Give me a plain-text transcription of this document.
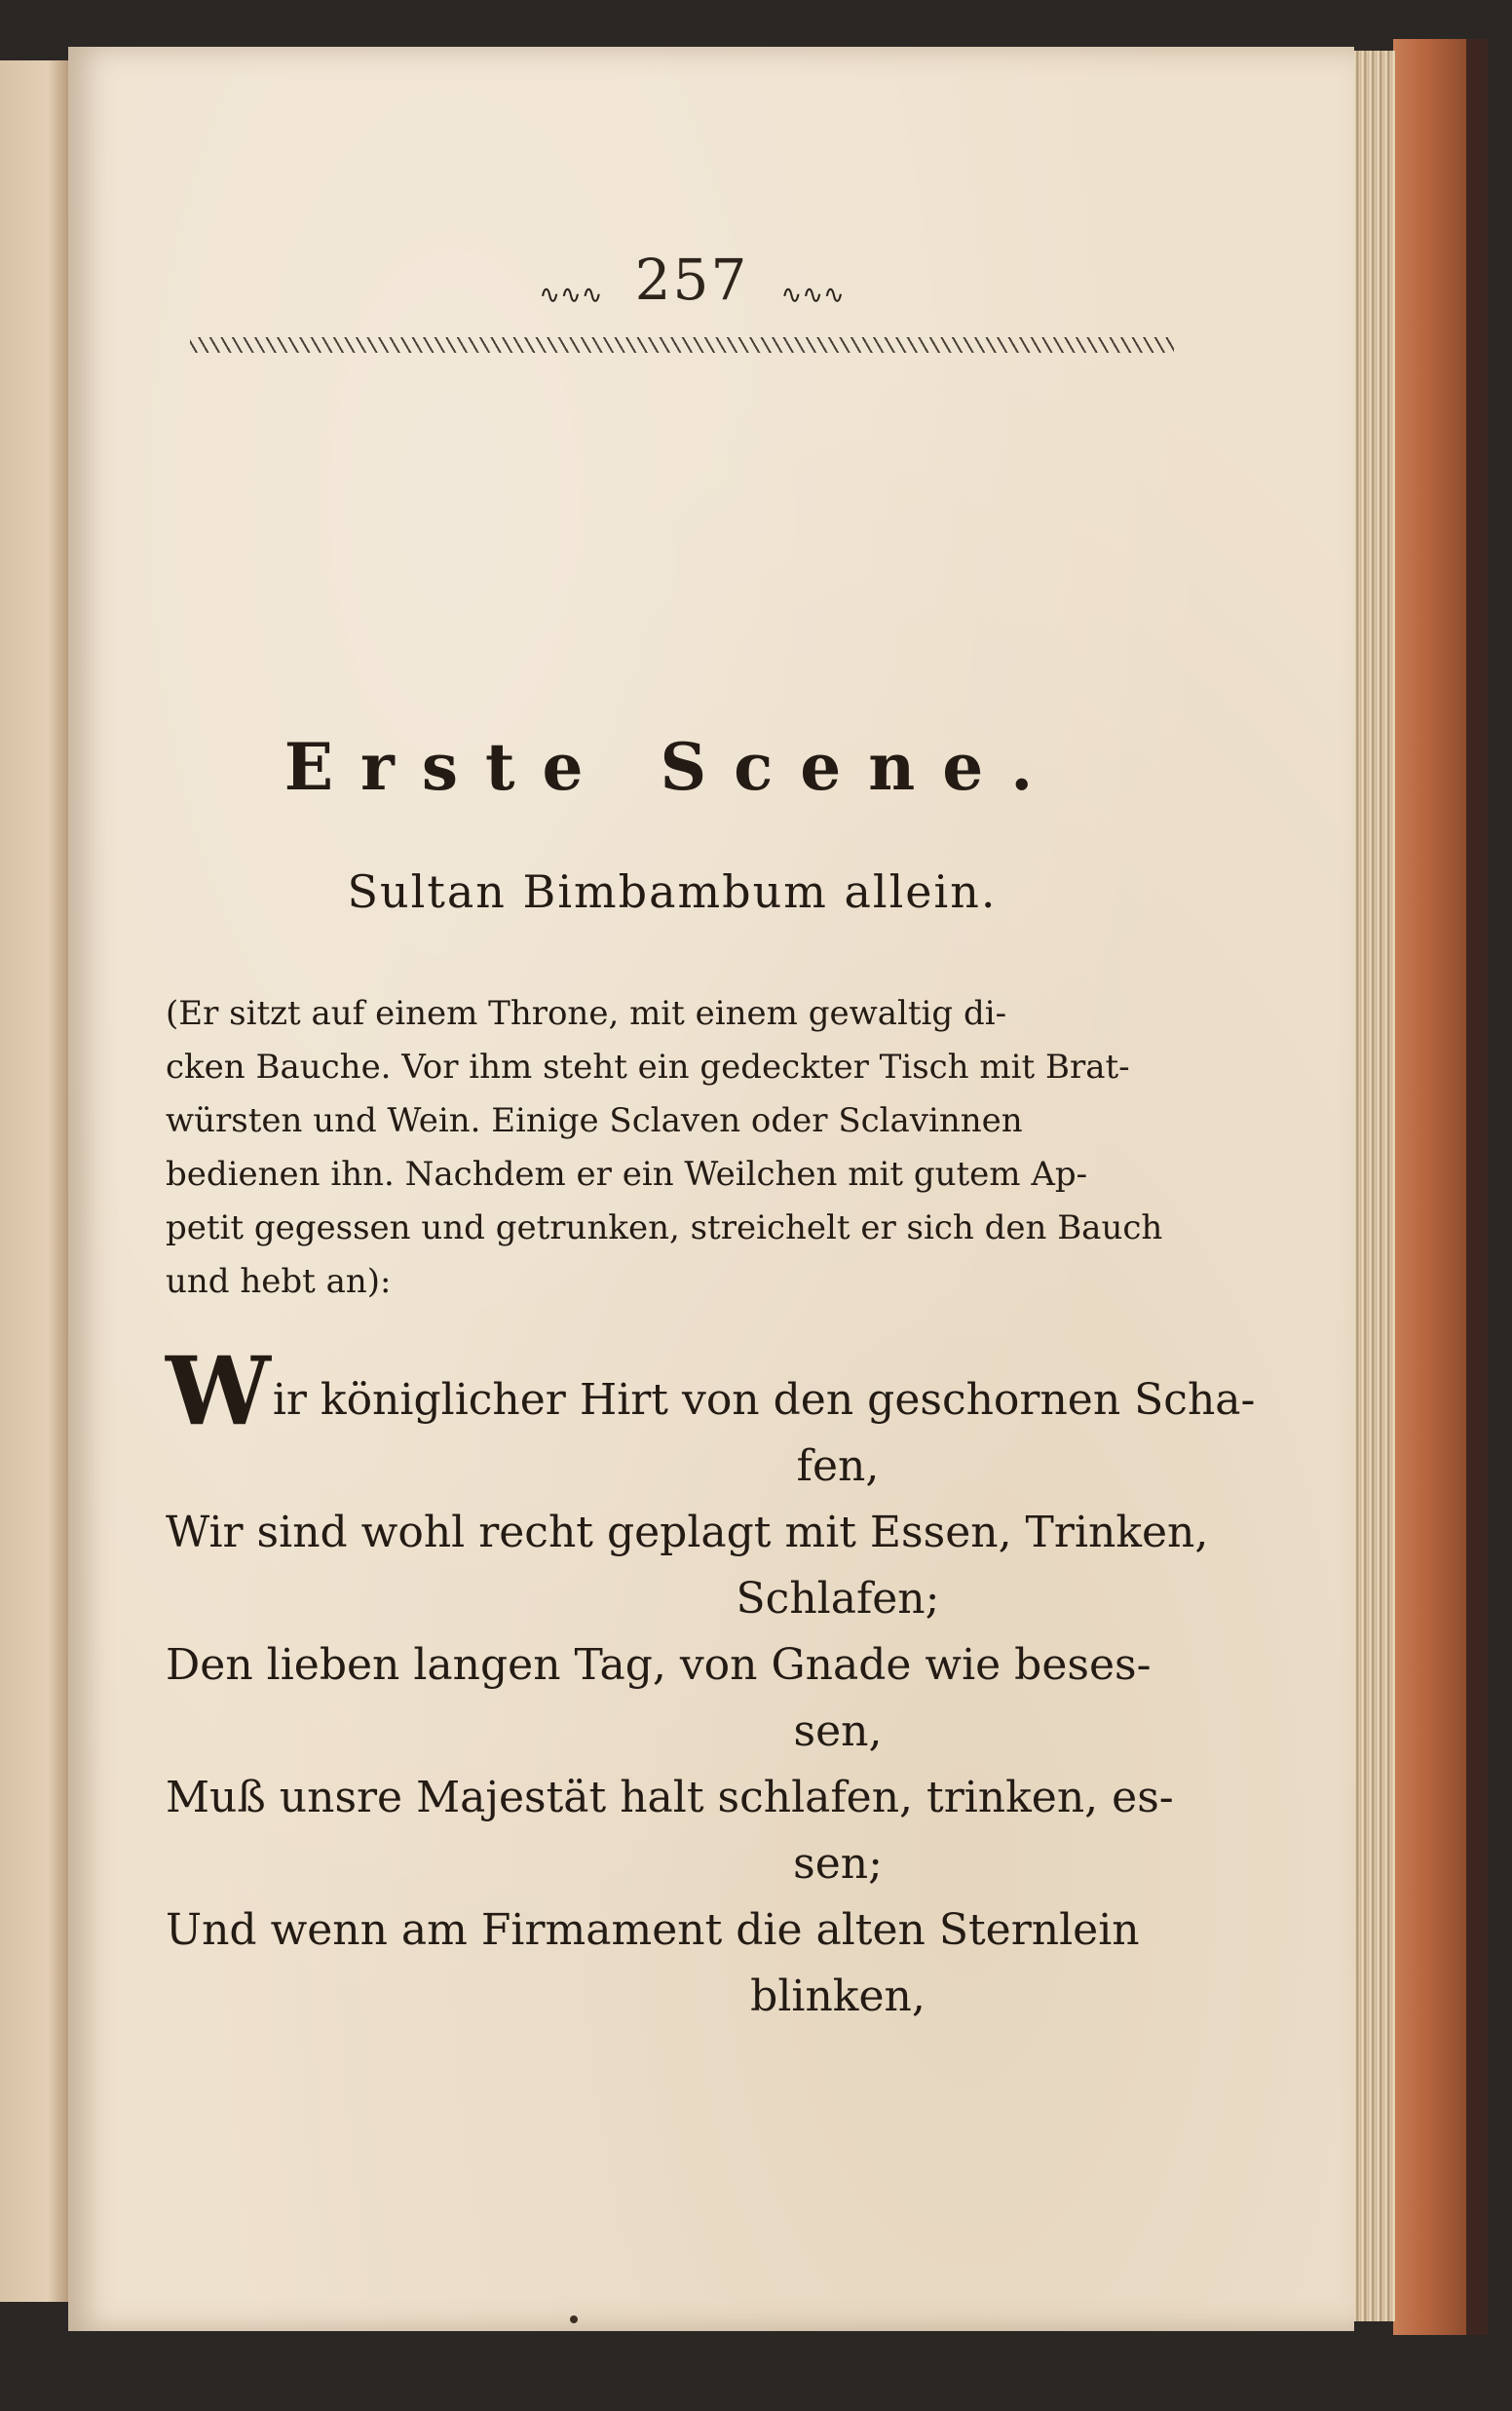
∿∿∿ 257 ∿∿∿
Erste Scene.
Sultan Bimbambum allein.
(Er sitzt auf einem Throne, mit einem gewaltig di-
cken Bauche. Vor ihm steht ein gedeckter Tisch mit Brat-
würsten und Wein. Einige Sclaven oder Sclavinnen
bedienen ihn. Nachdem er ein Weilchen mit gutem Ap-
petit gegessen und getrunken, streichelt er sich den Bauch
und hebt an):
Wir königlicher Hirt von den geschornen Scha-
fen,
Wir sind wohl recht geplagt mit Essen, Trinken,
Schlafen;
Den lieben langen Tag, von Gnade wie beses-
sen,
Muß unsre Majestät halt schlafen, trinken, es-
sen;
Und wenn am Firmament die alten Sternlein
blinken,
